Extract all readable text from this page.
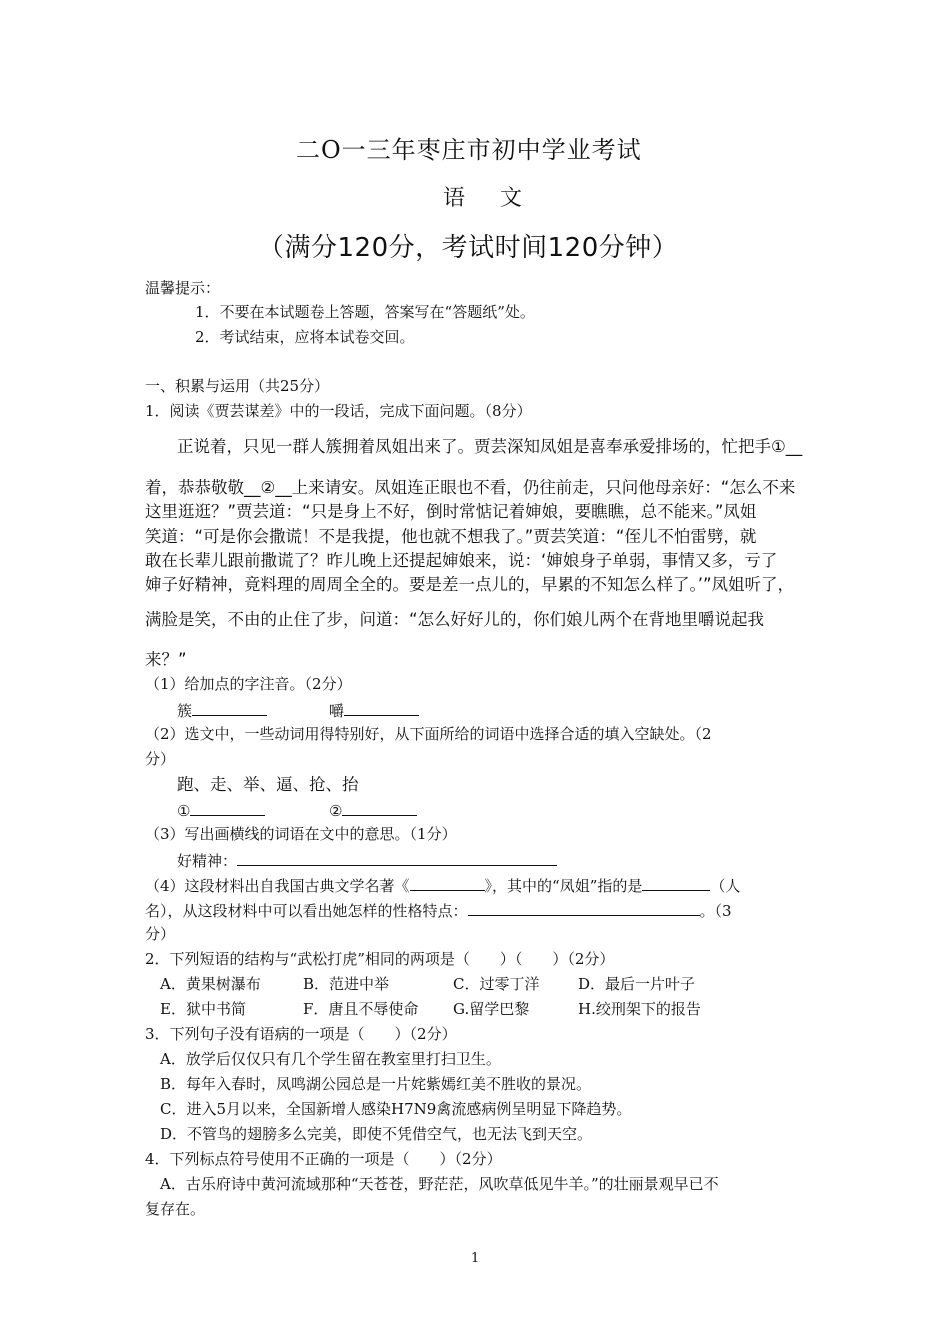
二O一三年枣庄市初中学业考试
语 文
（满分120分，考试时间120分钟）
温馨提示：
1．不要在本试题卷上答题，答案写在“答题纸”处。
2．考试结束，应将本试卷交回。
一、积累与运用（共25分）
1．阅读《贾芸谋差》中的一段话，完成下面问题。（8分）
正说着，只见一群人簇拥着凤姐出来了。贾芸深知凤姐是喜奉承爱排场的，忙把手①__
着，恭恭敬敬__②__上来请安。凤姐连正眼也不看，仍往前走，只问他母亲好：“怎么不来
这里逛逛？”贾芸道：“只是身上不好，倒时常惦记着婶娘，要瞧瞧，总不能来。”凤姐
笑道：“可是你会撒谎！不是我提，他也就不想我了。”贾芸笑道：“侄儿不怕雷劈，就
敢在长辈儿跟前撒谎了？昨儿晚上还提起婶娘来，说：‘婶娘身子单弱，事情又多，亏了
婶子好精神，竟料理的周周全全的。要是差一点儿的，早累的不知怎么样了。’”凤姐听了，
满脸是笑，不由的止住了步，问道：“怎么好好儿的，你们娘儿两个在背地里嚼说起我
来？”
（1）给加点的字注音。（2分）
簇	嚼
（2）选文中，一些动词用得特别好，从下面所给的词语中选择合适的填入空缺处。（2
分）
跑、走、举、逼、抢、抬
①	②
（3）写出画横线的词语在文中的意思。（1分）
好精神：
（4）这段材料出自我国古典文学名著《	》，其中的“凤姐”指的是	（人
名），从这段材料中可以看出她怎样的性格特点：	。（3
分）
2．下列短语的结构与“武松打虎”相同的两项是（　　）（　　）（2分）
A．黄果树瀑布	B．范进中举	C．过零丁洋	D．最后一片叶子
E．狱中书简	F．唐且不辱使命 G.留学巴黎	H.绞刑架下的报告
3．下列句子没有语病的一项是（　　）（2分）
A．放学后仅仅只有几个学生留在教室里打扫卫生。
B．每年入春时，凤鸣湖公园总是一片姹紫嫣红美不胜收的景况。
C．进入5月以来，全国新增人感染H7N9禽流感病例呈明显下降趋势。
D．不管鸟的翅膀多么完美，即使不凭借空气，也无法飞到天空。
4．下列标点符号使用不正确的一项是（　　）（2分）
A．古乐府诗中黄河流域那种“天苍苍，野茫茫，风吹草低见牛羊。”的壮丽景观早已不
复存在。
1
